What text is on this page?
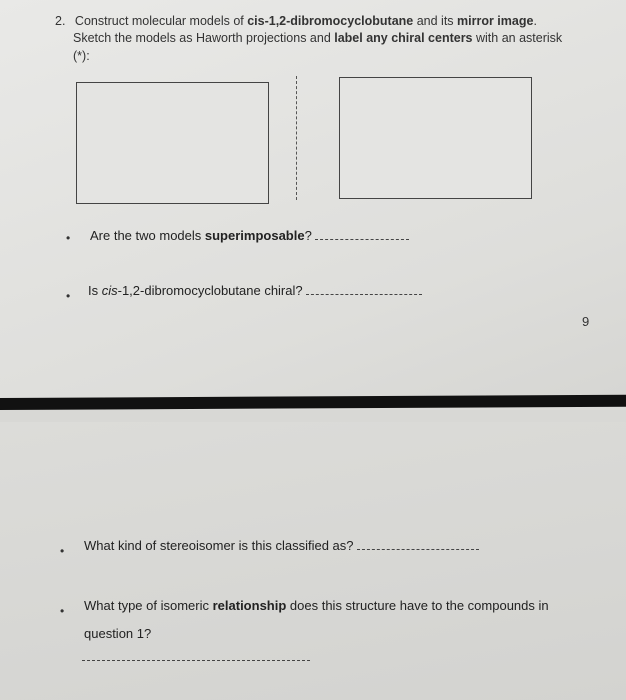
2. Construct molecular models of cis-1,2-dibromocyclobutane and its mirror image.
Sketch the models as Haworth projections and label any chiral centers with an asterisk
(*):
• Are the two models superimposable?
• Is cis-1,2-dibromocyclobutane chiral?
9
• What kind of stereoisomer is this classified as?
• What type of isomeric relationship does this structure have to the compounds in
question 1?
